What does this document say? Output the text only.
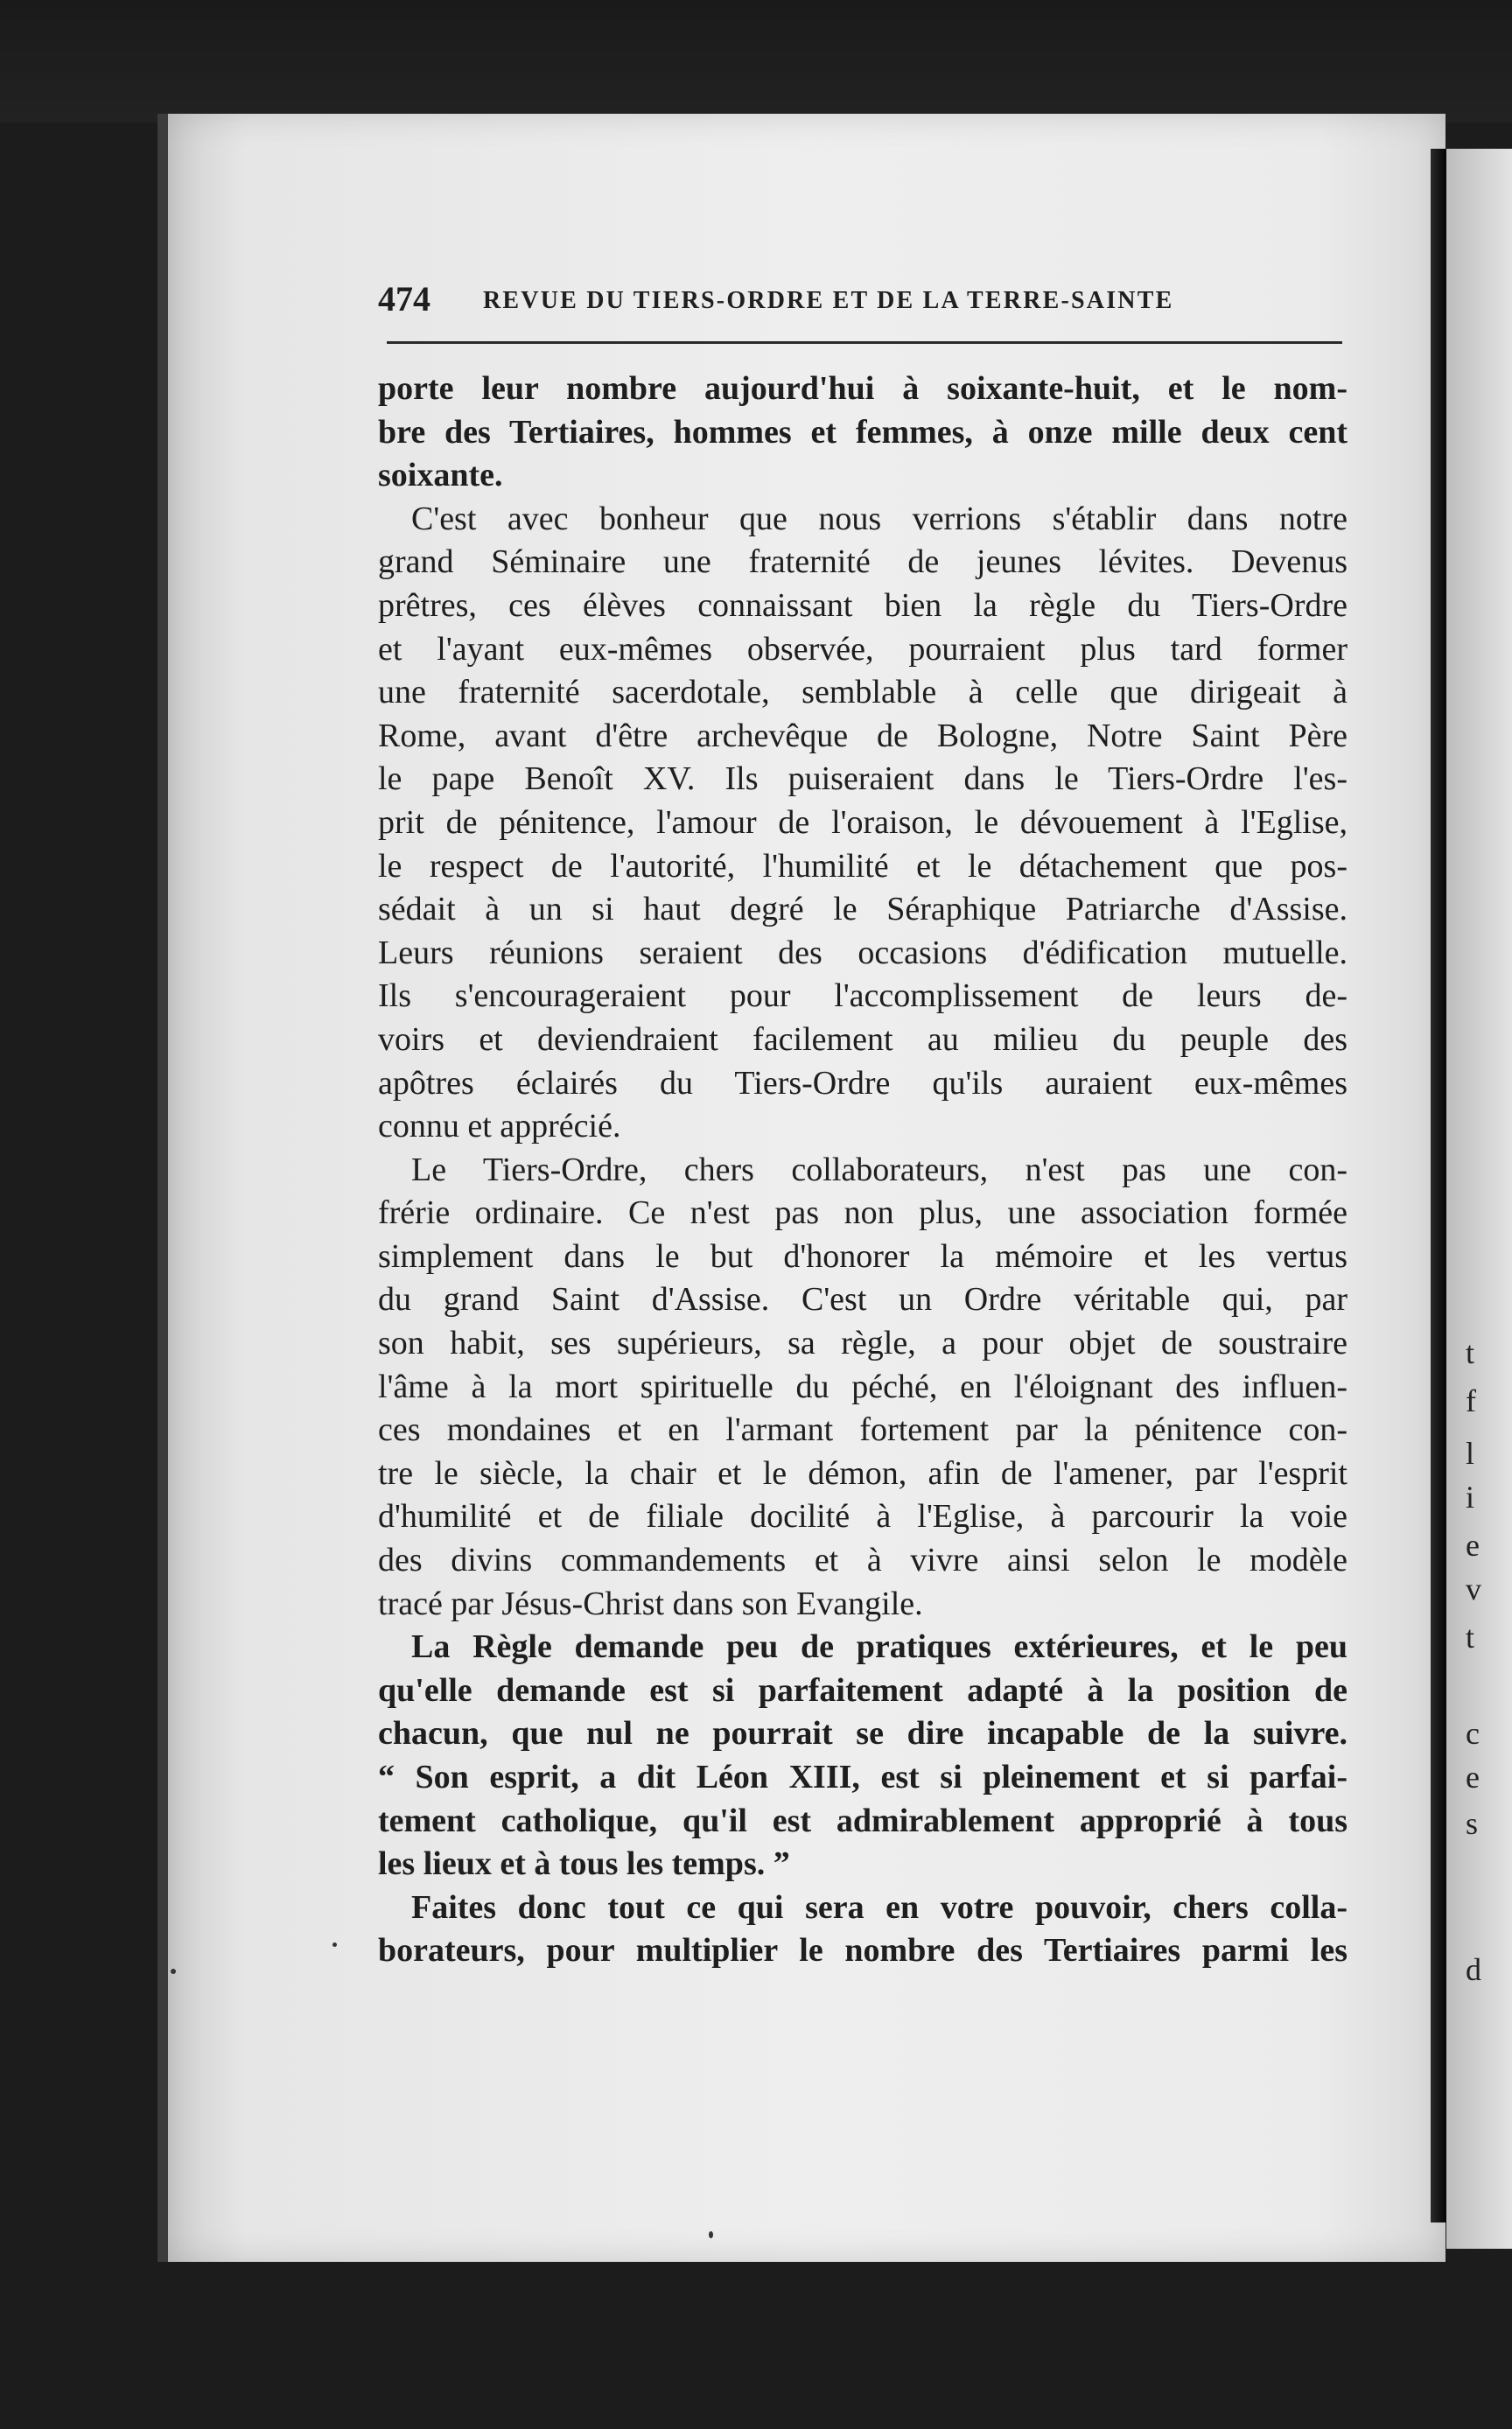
t
f
l
i
e
v
t
c
e
s
d
474 REVUE DU TIERS-ORDRE ET DE LA TERRE-SAINTE
porte leur nombre aujourd'hui à soixante-huit, et le nom-
bre des Tertiaires, hommes et femmes, à onze mille deux cent
soixante.
C'est avec bonheur que nous verrions s'établir dans notre
grand Séminaire une fraternité de jeunes lévites. Devenus
prêtres, ces élèves connaissant bien la règle du Tiers-Ordre
et l'ayant eux-mêmes observée, pourraient plus tard former
une fraternité sacerdotale, semblable à celle que dirigeait à
Rome, avant d'être archevêque de Bologne, Notre Saint Père
le pape Benoît XV. Ils puiseraient dans le Tiers-Ordre l'es-
prit de pénitence, l'amour de l'oraison, le dévouement à l'Eglise,
le respect de l'autorité, l'humilité et le détachement que pos-
sédait à un si haut degré le Séraphique Patriarche d'Assise.
Leurs réunions seraient des occasions d'édification mutuelle.
Ils s'encourageraient pour l'accomplissement de leurs de-
voirs et deviendraient facilement au milieu du peuple des
apôtres éclairés du Tiers-Ordre qu'ils auraient eux-mêmes
connu et apprécié.
Le Tiers-Ordre, chers collaborateurs, n'est pas une con-
frérie ordinaire. Ce n'est pas non plus, une association formée
simplement dans le but d'honorer la mémoire et les vertus
du grand Saint d'Assise. C'est un Ordre véritable qui, par
son habit, ses supérieurs, sa règle, a pour objet de soustraire
l'âme à la mort spirituelle du péché, en l'éloignant des influen-
ces mondaines et en l'armant fortement par la pénitence con-
tre le siècle, la chair et le démon, afin de l'amener, par l'esprit
d'humilité et de filiale docilité à l'Eglise, à parcourir la voie
des divins commandements et à vivre ainsi selon le modèle
tracé par Jésus-Christ dans son Evangile.
La Règle demande peu de pratiques extérieures, et le peu
qu'elle demande est si parfaitement adapté à la position de
chacun, que nul ne pourrait se dire incapable de la suivre.
“ Son esprit, a dit Léon XIII, est si pleinement et si parfai-
tement catholique, qu'il est admirablement approprié à tous
les lieux et à tous les temps. ”
Faites donc tout ce qui sera en votre pouvoir, chers colla-
borateurs, pour multiplier le nombre des Tertiaires parmi les
